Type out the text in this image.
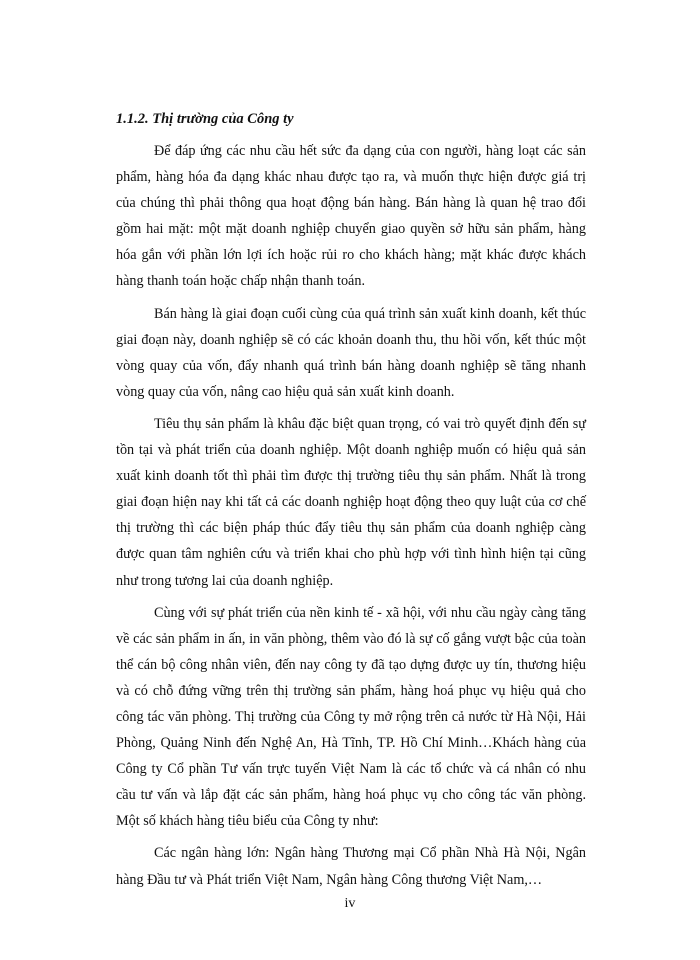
1.1.2. Thị trường của Công ty

Để đáp ứng các nhu cầu hết sức đa dạng của con người, hàng loạt các sản phẩm, hàng hóa đa dạng khác nhau được tạo ra, và muốn thực hiện được giá trị của chúng thì phải thông qua hoạt động bán hàng. Bán hàng là quan hệ trao đổi gồm hai mặt: một mặt doanh nghiệp chuyển giao quyền sở hữu sản phẩm, hàng hóa gắn với phần lớn lợi ích hoặc rủi ro cho khách hàng; mặt khác được khách hàng thanh toán hoặc chấp nhận thanh toán.

Bán hàng là giai đoạn cuối cùng của quá trình sản xuất kinh doanh, kết thúc giai đoạn này, doanh nghiệp sẽ có các khoản doanh thu, thu hồi vốn, kết thúc một vòng quay của vốn, đẩy nhanh quá trình bán hàng doanh nghiệp sẽ tăng nhanh vòng quay của vốn, nâng cao hiệu quả sản xuất kinh doanh.

Tiêu thụ sản phẩm là khâu đặc biệt quan trọng, có vai trò quyết định đến sự tồn tại và phát triển của doanh nghiệp. Một doanh nghiệp muốn có hiệu quả sản xuất kinh doanh tốt thì phải tìm được thị trường tiêu thụ sản phẩm. Nhất là trong giai đoạn hiện nay khi tất cả các doanh nghiệp hoạt động theo quy luật của cơ chế thị trường thì các biện pháp thúc đẩy tiêu thụ sản phẩm của doanh nghiệp càng được quan tâm nghiên cứu và triển khai cho phù hợp với tình hình hiện tại cũng như trong tương lai của doanh nghiệp.

Cùng với sự phát triển của nền kinh tế - xã hội, với nhu cầu ngày càng tăng về các sản phẩm in ấn, in văn phòng, thêm vào đó là sự cố gắng vượt bậc của toàn thể cán bộ công nhân viên, đến nay công ty đã tạo dựng được uy tín, thương hiệu và có chỗ đứng vững trên thị trường sản phẩm, hàng hoá phục vụ hiệu quả cho công tác văn phòng. Thị trường của Công ty mở rộng trên cả nước từ Hà Nội, Hải Phòng, Quảng Ninh đến Nghệ An, Hà Tĩnh, TP. Hồ Chí Minh…Khách hàng của Công ty Cổ phần Tư vấn trực tuyến Việt Nam là các tổ chức và cá nhân có nhu cầu tư vấn và lắp đặt các sản phẩm, hàng hoá phục vụ cho công tác văn phòng. Một số khách hàng tiêu biểu của Công ty như:

Các ngân hàng lớn: Ngân hàng Thương mại Cổ phần Nhà Hà Nội, Ngân hàng Đầu tư và Phát triển Việt Nam, Ngân hàng Công thương Việt Nam,…

iv
